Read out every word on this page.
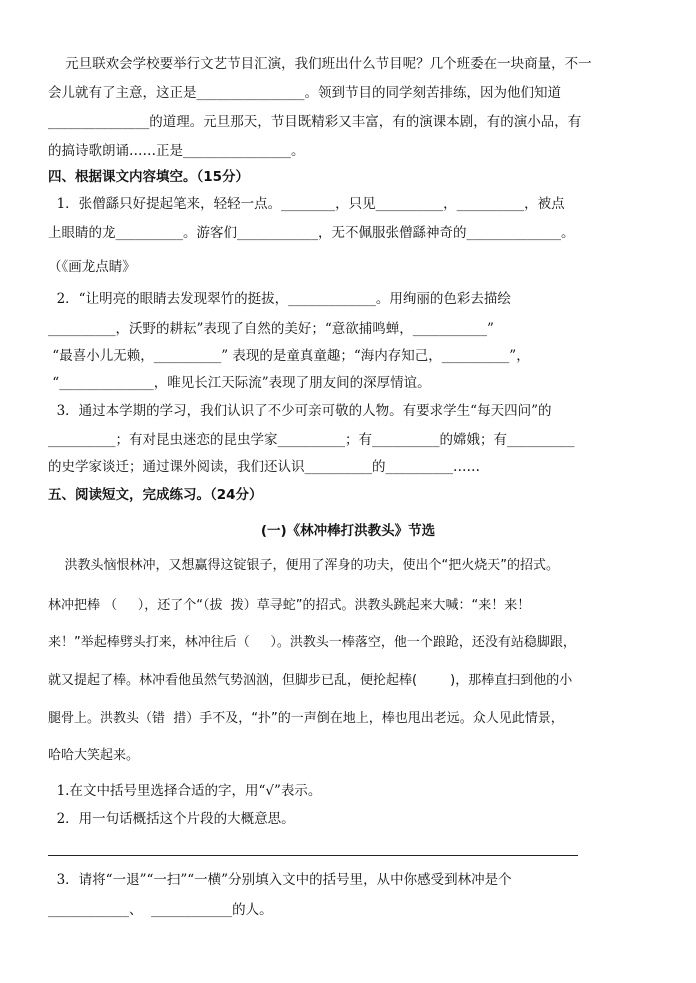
元旦联欢会学校要举行文艺节目汇演，我们班出什么节目呢？几个班委在一块商量，不一
会儿就有了主意，这正是________________。领到节目的同学刻苦排练，因为他们知道
_______________的道理。元旦那天，节目既精彩又丰富，有的演课本剧，有的演小品，有
的搞诗歌朗诵……正是________________。
四、根据课文内容填空。（15分）
1．张僧繇只好提起笔来，轻轻一点。________，只见__________，__________，被点
上眼睛的龙__________。游客们____________，无不佩服张僧繇神奇的______________。
（《画龙点睛》
2．“让明亮的眼睛去发现翠竹的挺拔，_____________。用绚丽的色彩去描绘
__________，沃野的耕耘”表现了自然的美好；“意欲捕鸣蝉，___________”
“最喜小儿无赖，__________” 表现的是童真童趣；“海内存知己，__________”，
“______________，唯见长江天际流”表现了朋友间的深厚情谊。
3．通过本学期的学习，我们认识了不少可亲可敬的人物。有要求学生“每天四问”的
__________；有对昆虫迷恋的昆虫学家__________；有__________的嫦娥；有__________
的史学家谈迁；通过课外阅读，我们还认识__________的__________……
五、阅读短文，完成练习。（24分）
(一)《林冲棒打洪教头》节选
洪教头恼恨林冲，又想赢得这锭银子，便用了浑身的功夫，使出个“把火烧天”的招式。
林冲把棒 （     ），还了个“（拔  拨）草寻蛇”的招式。洪教头跳起来大喊：“来！来！
来！”举起棒劈头打来，林冲往后（     ）。洪教头一棒落空，他一个踉跄，还没有站稳脚跟，
就又提起了棒。林冲看他虽然气势汹汹，但脚步已乱，便抡起棒(        )，那棒直扫到他的小
腿骨上。洪教头（错  措）手不及，“扑”的一声倒在地上，棒也甩出老远。众人见此情景，
哈哈大笑起来。
1.在文中括号里选择合适的字，用“√”表示。
2．用一句话概括这个片段的大概意思。
3．请将“一退”“一扫”“一横”分别填入文中的括号里，从中你感受到林冲是个
____________、  ____________的人。
